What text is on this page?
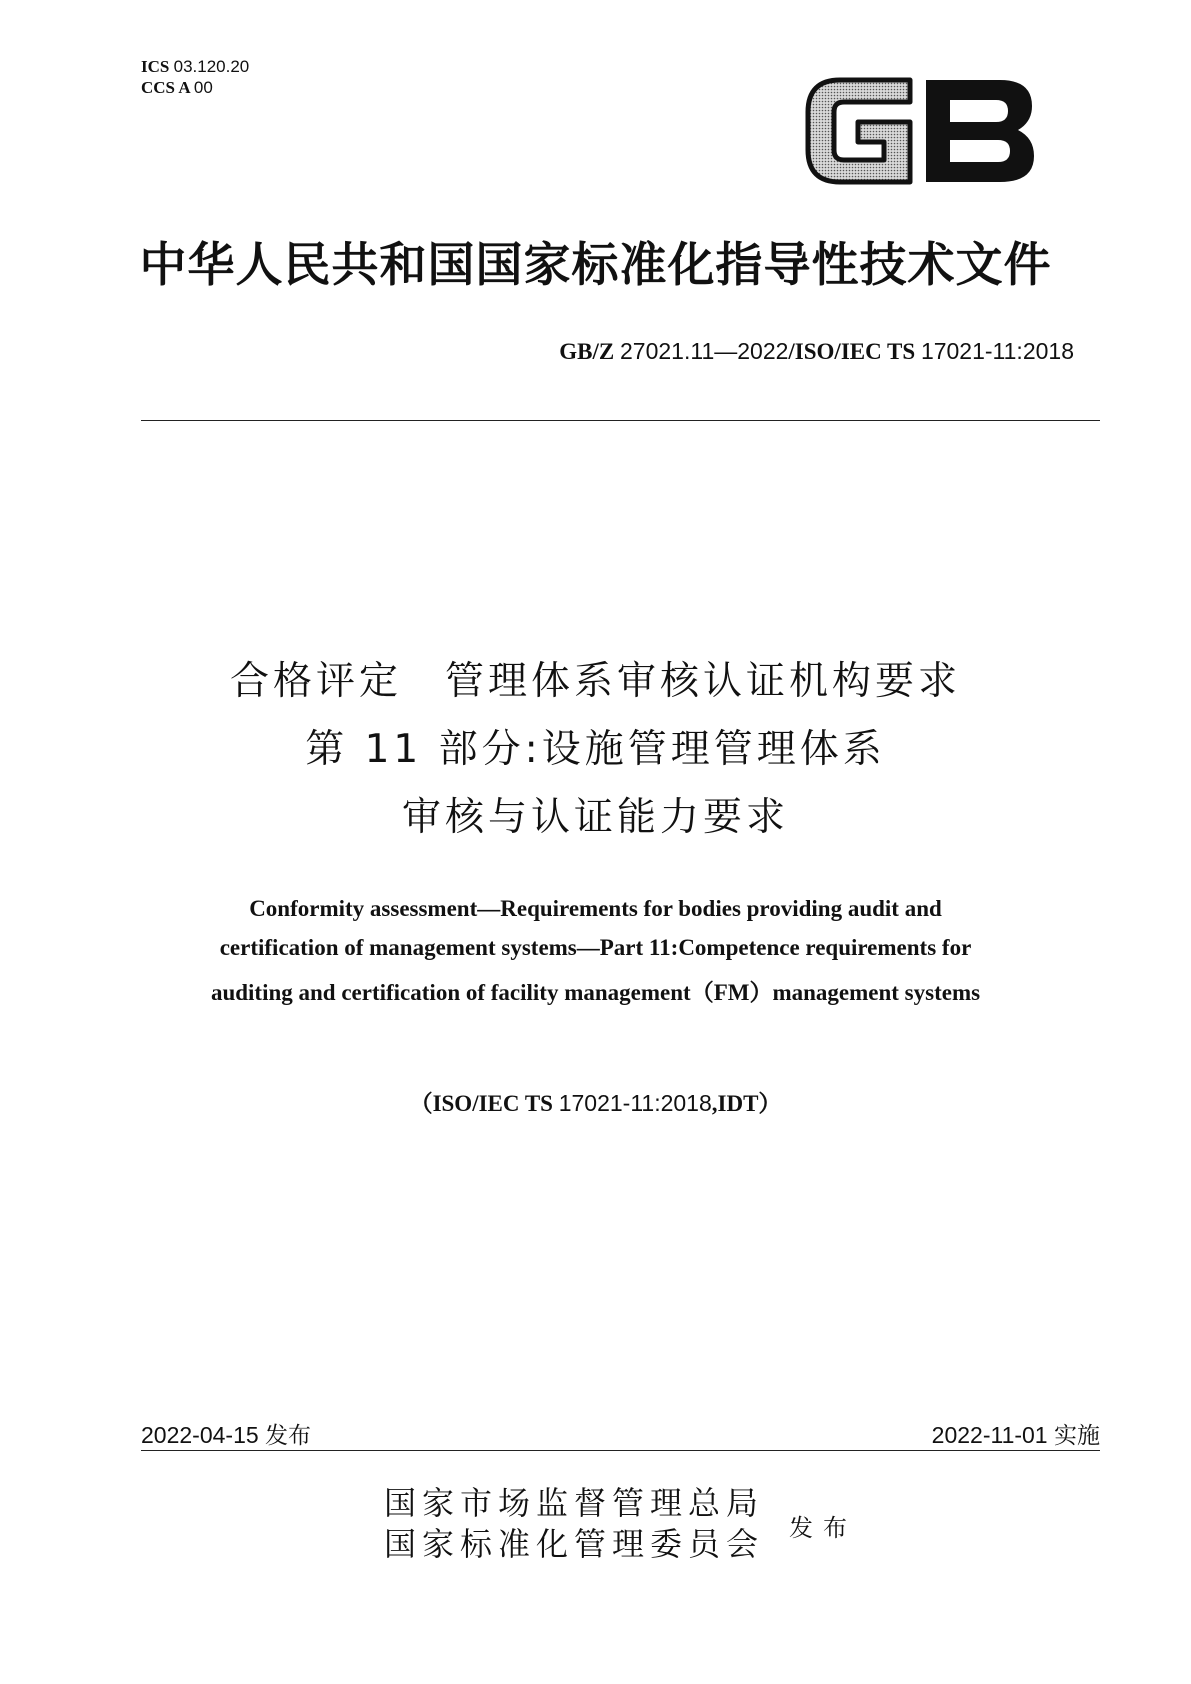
ICS 03.120.20
CCS A 00
中华人民共和国国家标准化指导性技术文件
GB/Z 27021.11—2022/ISO/IEC TS 17021-11:2018
合格评定　管理体系审核认证机构要求
第 11 部分:设施管理管理体系
审核与认证能力要求
Conformity assessment—Requirements for bodies providing audit and
certification of management systems—Part 11:Competence requirements for
auditing and certification of facility management（FM）management systems
（ISO/IEC TS 17021-11:2018,IDT）
2022-04-15 发布	2022-11-01 实施
国家市场监督管理总局
国家标准化管理委员会 发布
